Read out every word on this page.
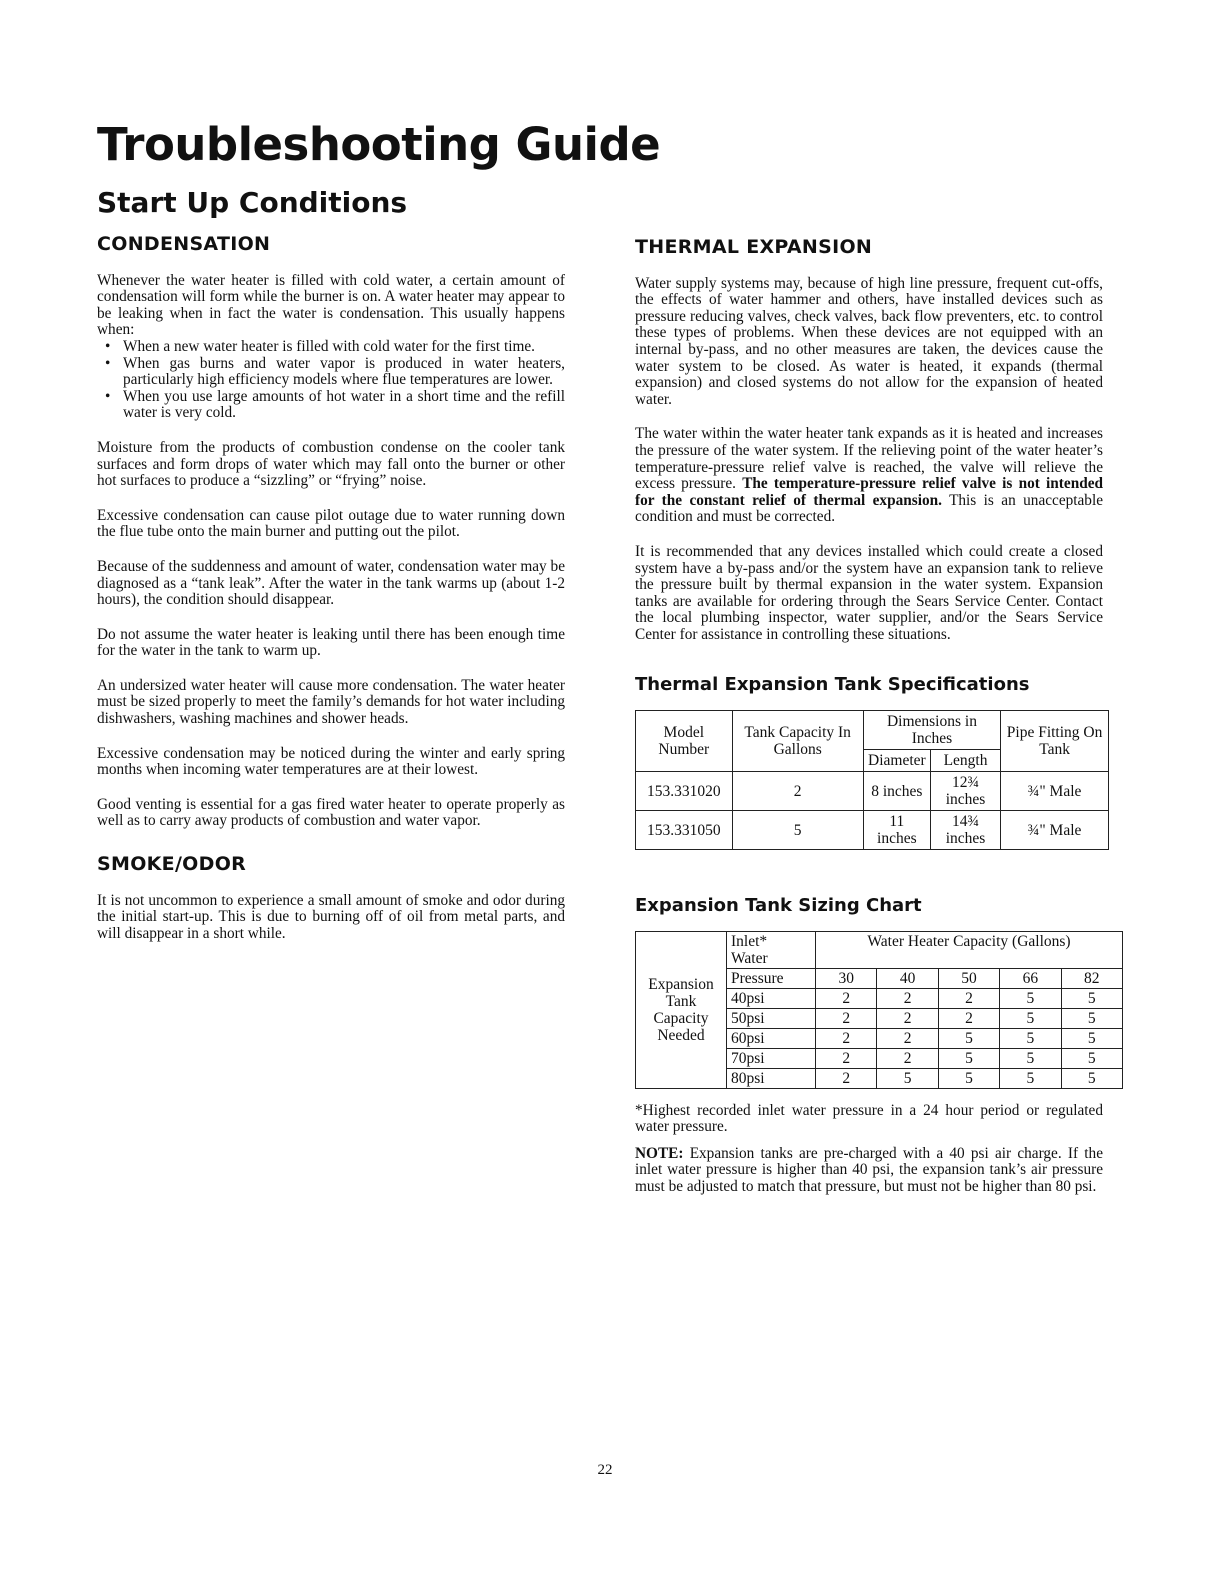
Troubleshooting Guide
Start Up Conditions
CONDENSATION
Whenever the water heater is filled with cold water, a certain amount of condensation will form while the burner is on. A water heater may appear to be leaking when in fact the water is condensation. This usually happens when:
• When a new water heater is filled with cold water for the first time.
• When gas burns and water vapor is produced in water heaters, particularly high efficiency models where flue temperatures are lower.
• When you use large amounts of hot water in a short time and the refill water is very cold.

Moisture from the products of combustion condense on the cooler tank surfaces and form drops of water which may fall onto the burner or other hot surfaces to produce a “sizzling” or “frying” noise.

Excessive condensation can cause pilot outage due to water running down the flue tube onto the main burner and putting out the pilot.

Because of the suddenness and amount of water, condensation water may be diagnosed as a “tank leak”. After the water in the tank warms up (about 1-2 hours), the condition should disappear.

Do not assume the water heater is leaking until there has been enough time for the water in the tank to warm up.

An undersized water heater will cause more condensation. The water heater must be sized properly to meet the family’s demands for hot water including dishwashers, washing machines and shower heads.

Excessive condensation may be noticed during the winter and early spring months when incoming water temperatures are at their lowest.

Good venting is essential for a gas fired water heater to operate properly as well as to carry away products of combustion and water vapor.

SMOKE/ODOR

It is not uncommon to experience a small amount of smoke and odor during the initial start-up. This is due to burning off of oil from metal parts, and will disappear in a short while.

THERMAL EXPANSION

Water supply systems may, because of high line pressure, frequent cut-offs, the effects of water hammer and others, have installed devices such as pressure reducing valves, check valves, back flow preventers, etc. to control these types of problems. When these devices are not equipped with an internal by-pass, and no other measures are taken, the devices cause the water system to be closed. As water is heated, it expands (thermal expansion) and closed systems do not allow for the expansion of heated water.

The water within the water heater tank expands as it is heated and increases the pressure of the water system. If the relieving point of the water heater’s temperature-pressure relief valve is reached, the valve will relieve the excess pressure. The temperature-pressure relief valve is not intended for the constant relief of thermal expansion. This is an unacceptable condition and must be corrected.

It is recommended that any devices installed which could create a closed system have a by-pass and/or the system have an expansion tank to relieve the pressure built by thermal expansion in the water system. Expansion tanks are available for ordering through the Sears Service Center. Contact the local plumbing inspector, water supplier, and/or the Sears Service Center for assistance in controlling these situations.

Thermal Expansion Tank Specifications
Model Number	Tank Capacity In Gallons	Dimensions in Inches		Pipe Fitting On Tank
		Diameter	Length	
153.331020	2	8 inches	12¾ inches	¾" Male
153.331050	5	11 inches	14¾ inches	¾" Male
Expansion Tank Sizing Chart
Expansion Tank Capacity Needed	Inlet*
Water	Water Heater Capacity (Gallons)				
	Pressure	30	40	50	66	82
	40psi	2	2	2	5	5
	50psi	2	2	2	5	5
	60psi	2	2	5	5	5
	70psi	2	2	5	5	5
	80psi	2	5	5	5	5

*Highest recorded inlet water pressure in a 24 hour period or regulated water pressure.

NOTE: Expansion tanks are pre-charged with a 40 psi air charge. If the inlet water pressure is higher than 40 psi, the expansion tank’s air pressure must be adjusted to match that pressure, but must not be higher than 80 psi.

22
